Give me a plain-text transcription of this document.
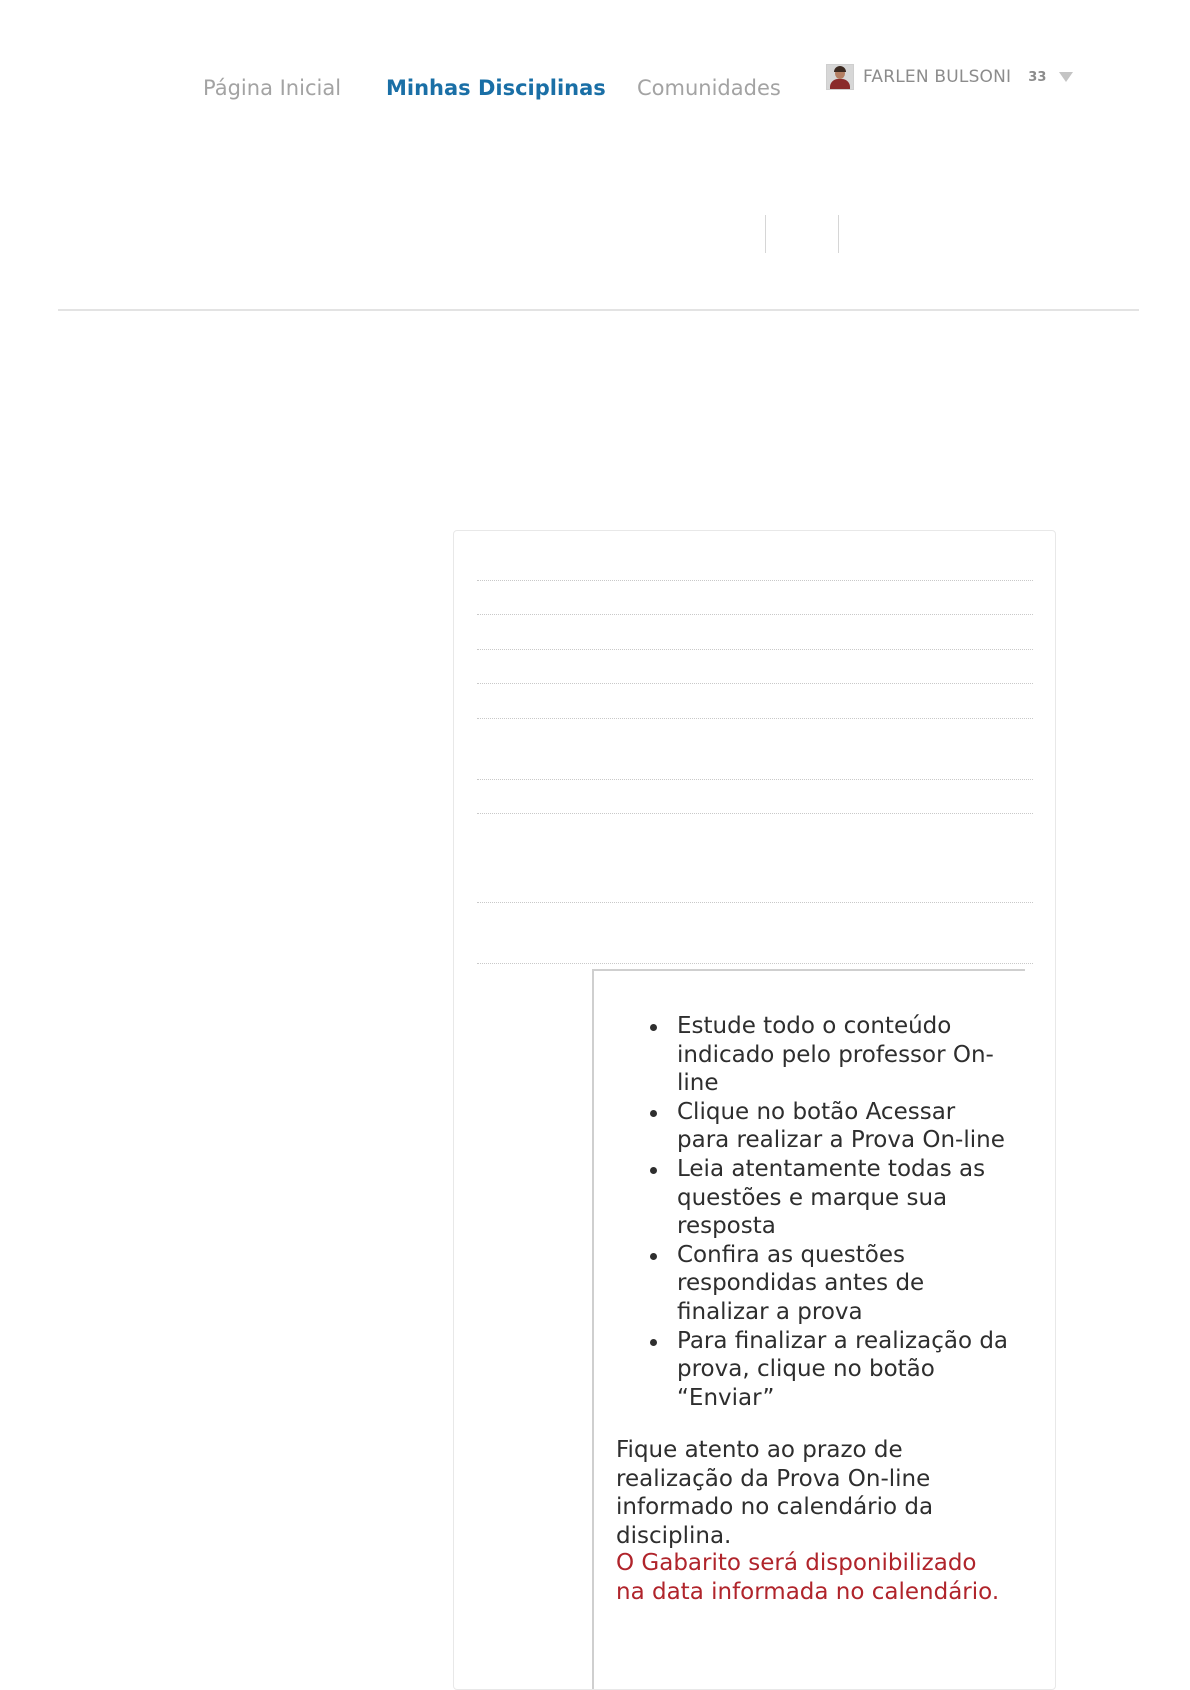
Página Inicial Minhas Disciplinas Comunidades	FARLEN BULSONI 33
Estude todo o conteúdo indicado pelo professor On-line
Clique no botão Acessar para realizar a Prova On-line
Leia atentamente todas as questões e marque sua resposta
Confira as questões respondidas antes de finalizar a prova
Para finalizar a realização da prova, clique no botão “Enviar”

Fique atento ao prazo de realização da Prova On-line informado no calendário da disciplina.

O Gabarito será disponibilizado na data informada no calendário.
